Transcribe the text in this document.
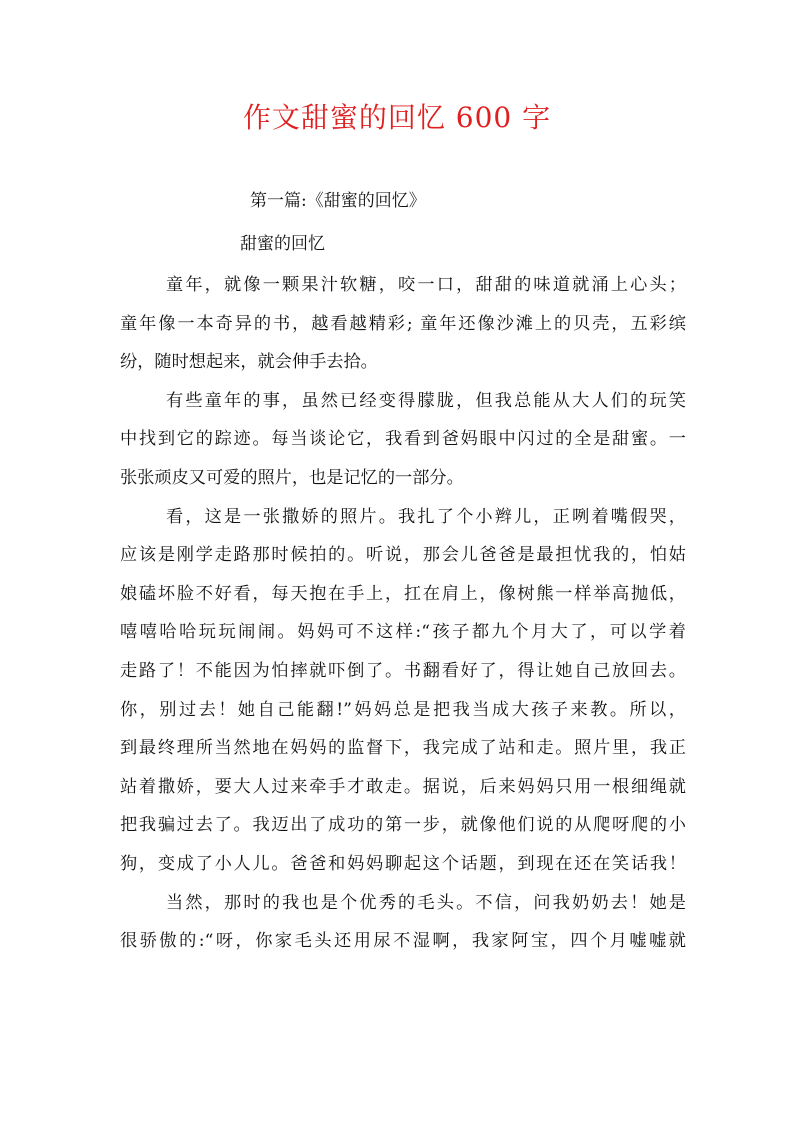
作文甜蜜的回忆 600 字
第一篇:《甜蜜的回忆》
甜蜜的回忆
童年，就像一颗果汁软糖，咬一口，甜甜的味道就涌上心头；
童年像一本奇异的书，越看越精彩; 童年还像沙滩上的贝壳，五彩缤
纷，随时想起来，就会伸手去拾。
有些童年的事，虽然已经变得朦胧，但我总能从大人们的玩笑
中找到它的踪迹。每当谈论它，我看到爸妈眼中闪过的全是甜蜜。一
张张顽皮又可爱的照片，也是记忆的一部分。
看，这是一张撒娇的照片。我扎了个小辫儿，正咧着嘴假哭，
应该是刚学走路那时候拍的。听说，那会儿爸爸是最担忧我的，怕姑
娘磕坏脸不好看，每天抱在手上，扛在肩上，像树熊一样举高抛低，
嘻嘻哈哈玩玩闹闹。妈妈可不这样:“孩子都九个月大了，可以学着
走路了！不能因为怕摔就吓倒了。书翻看好了，得让她自己放回去。
你，别过去！她自己能翻!”妈妈总是把我当成大孩子来教。所以，
到最终理所当然地在妈妈的监督下，我完成了站和走。照片里，我正
站着撒娇，要大人过来牵手才敢走。据说，后来妈妈只用一根细绳就
把我骗过去了。我迈出了成功的第一步，就像他们说的从爬呀爬的小
狗，变成了小人儿。爸爸和妈妈聊起这个话题，到现在还在笑话我！
当然，那时的我也是个优秀的毛头。不信，问我奶奶去！她是
很骄傲的:“呀，你家毛头还用尿不湿啊，我家阿宝，四个月嘘嘘就
